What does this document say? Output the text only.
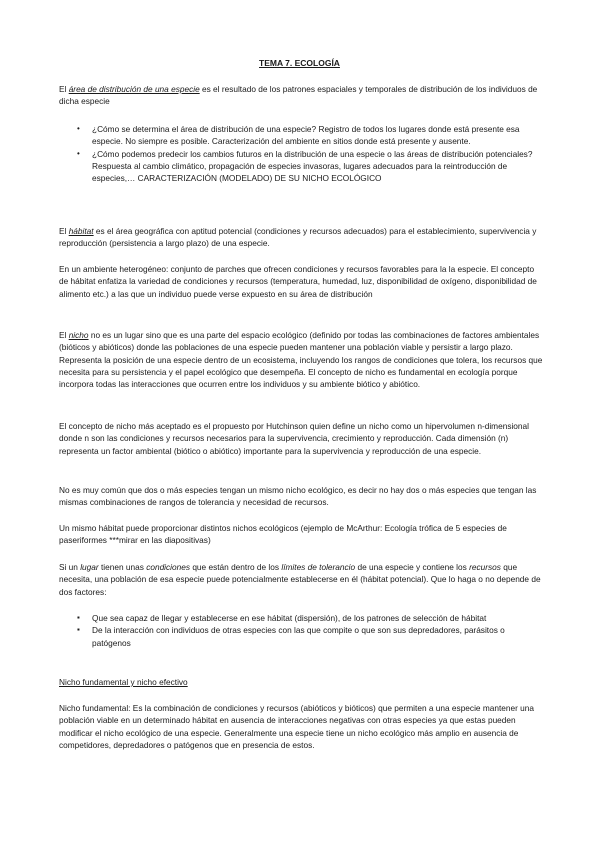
TEMA 7. ECOLOGÍA

El área de distribución de una especie es el resultado de los patrones espaciales y temporales de distribución de los individuos de dicha especie

• ¿Cómo se determina el área de distribución de una especie? Registro de todos los lugares donde está presente esa especie. No siempre es posible. Caracterización del ambiente en sitios donde está presente y ausente.
• ¿Cómo podemos predecir los cambios futuros en la distribución de una especie o las áreas de distribución potenciales? Respuesta al cambio climático, propagación de especies invasoras, lugares adecuados para la reintroducción de especies,… CARACTERIZACIÓN (MODELADO) DE SU NICHO ECOLÓGICO

El hábitat es el área geográfica con aptitud potencial (condiciones y recursos adecuados) para el establecimiento, supervivencia y reproducción (persistencia a largo plazo) de una especie.

En un ambiente heterogéneo: conjunto de parches que ofrecen condiciones y recursos favorables para la la especie. El concepto de hábitat enfatiza la variedad de condiciones y recursos (temperatura, humedad, luz, disponibilidad de oxígeno, disponibilidad de alimento etc.) a las que un individuo puede verse expuesto en su área de distribución

El nicho no es un lugar sino que es una parte del espacio ecológico (definido por todas las combinaciones de factores ambientales (bióticos y abióticos) donde las poblaciones de una especie pueden mantener una población viable y persistir a largo plazo. Representa la posición de una especie dentro de un ecosistema, incluyendo los rangos de condiciones que tolera, los recursos que necesita para su persistencia y el papel ecológico que desempeña. El concepto de nicho es fundamental en ecología porque incorpora todas las interacciones que ocurren entre los individuos y su ambiente biótico y abiótico.

El concepto de nicho más aceptado es el propuesto por Hutchinson quien define un nicho como un hipervolumen n-dimensional donde n son las condiciones y recursos necesarios para la supervivencia, crecimiento y reproducción. Cada dimensión (n) representa un factor ambiental (biótico o abiótico) importante para la supervivencia y reproducción de una especie.

No es muy común que dos o más especies tengan un mismo nicho ecológico, es decir no hay dos o más especies que tengan las mismas combinaciones de rangos de tolerancia y necesidad de recursos.

Un mismo hábitat puede proporcionar distintos nichos ecológicos (ejemplo de McArthur: Ecología trófica de 5 especies de paseriformes ***mirar en las diapositivas)

Si un lugar tienen unas condiciones que están dentro de los límites de tolerancio de una especie y contiene los recursos que necesita, una población de esa especie puede potencialmente establecerse en él (hábitat potencial). Que lo haga o no depende de dos factores:

▪ Que sea capaz de llegar y establecerse en ese hábitat (dispersión), de los patrones de selección de hábitat
▪ De la interacción con individuos de otras especies con las que compite o que son sus depredadores, parásitos o patógenos

Nicho fundamental y nicho efectivo

Nicho fundamental: Es la combinación de condiciones y recursos (abióticos y bióticos) que permiten a una especie mantener una población viable en un determinado hábitat en ausencia de interacciones negativas con otras especies ya que estas pueden modificar el nicho ecológico de una especie. Generalmente una especie tiene un nicho ecológico más amplio en ausencia de competidores, depredadores o patógenos que en presencia de estos.
